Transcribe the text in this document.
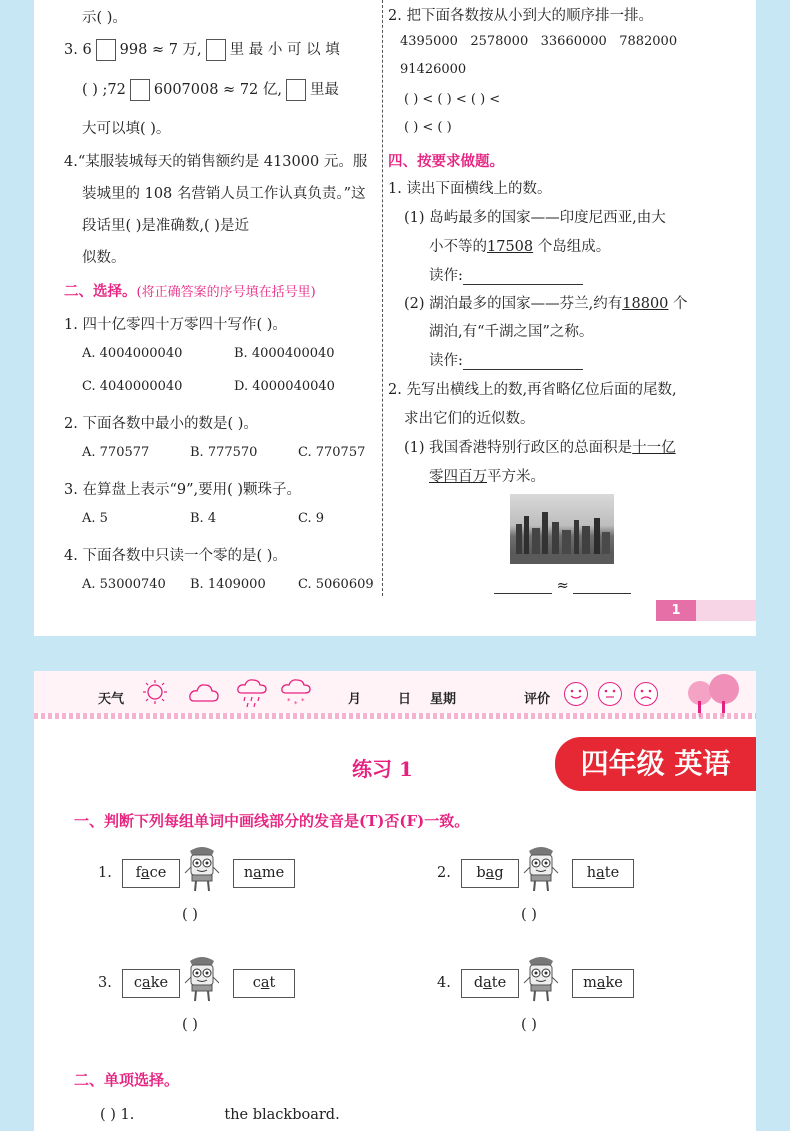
示( )。
3. 6 998 ≈ 7 万, 里 最 小 可 以 填
( ) ;72 6007008 ≈ 72 亿, 里最
大可以填( )。
4.“某服装城每天的销售额约是 413000 元。服
装城里的 108 名营销人员工作认真负责。”这
段话里( )是准确数,( )是近
似数。
二、选择。(将正确答案的序号填在括号里)
1. 四十亿零四十万零四十写作( )。
A. 4004000040	B. 4000400040
C. 4040000040	D. 4000040040
2. 下面各数中最小的数是( )。
A. 770577	B. 777570	C. 770757
3. 在算盘上表示“9”,要用( )颗珠子。
A. 5	B. 4	C. 9
4. 下面各数中只读一个零的是( )。
A. 53000740 B. 1409000 C. 5060609
2. 把下面各数按从小到大的顺序排一排。
4395000 2578000 33660000 7882000
91426000
( ) < ( ) < ( ) <
( ) < ( )
四、按要求做题。
1. 读出下面横线上的数。
(1) 岛屿最多的国家——印度尼西亚,由大
小不等的17508 个岛组成。
读作:
(2) 湖泊最多的国家——芬兰,约有18800 个
湖泊,有“千湖之国”之称。
读作:
2. 先写出横线上的数,再省略亿位后面的尾数,
求出它们的近似数。
(1) 我国香港特别行政区的总面积是十一亿
零四百万平方米。
≈
1
天气	* * *	月	日 星期	评价
练习 1	四年级 英语
一、判断下列每组单词中画线部分的发音是(T)否(F)一致。
1.	face	name
( )
2.	bag	hate
( )
3.	cake	cat
( )
4.	date	make
( )
二、单项选择。
( ) 1.	the blackboard.
